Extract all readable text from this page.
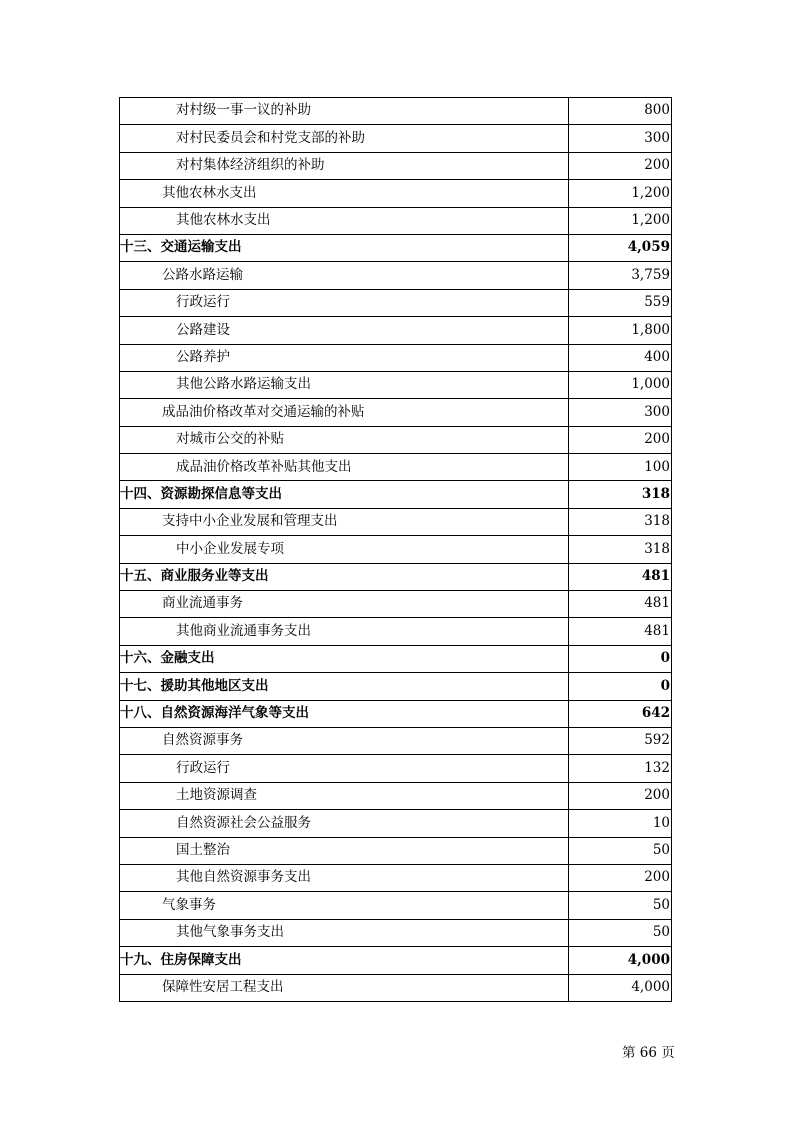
对村级一事一议的补助	800
对村民委员会和村党支部的补助	300
对村集体经济组织的补助	200
其他农林水支出	1,200
其他农林水支出	1,200
十三、交通运输支出	4,059
公路水路运输	3,759
行政运行	559
公路建设	1,800
公路养护	400
其他公路水路运输支出	1,000
成品油价格改革对交通运输的补贴	300
对城市公交的补贴	200
成品油价格改革补贴其他支出	100
十四、资源勘探信息等支出	318
支持中小企业发展和管理支出	318
中小企业发展专项	318
十五、商业服务业等支出	481
商业流通事务	481
其他商业流通事务支出	481
十六、金融支出	0
十七、援助其他地区支出	0
十八、自然资源海洋气象等支出	642
自然资源事务	592
行政运行	132
土地资源调查	200
自然资源社会公益服务	10
国土整治	50
其他自然资源事务支出	200
气象事务	50
其他气象事务支出	50
十九、住房保障支出	4,000
保障性安居工程支出	4,000
第 66 页
